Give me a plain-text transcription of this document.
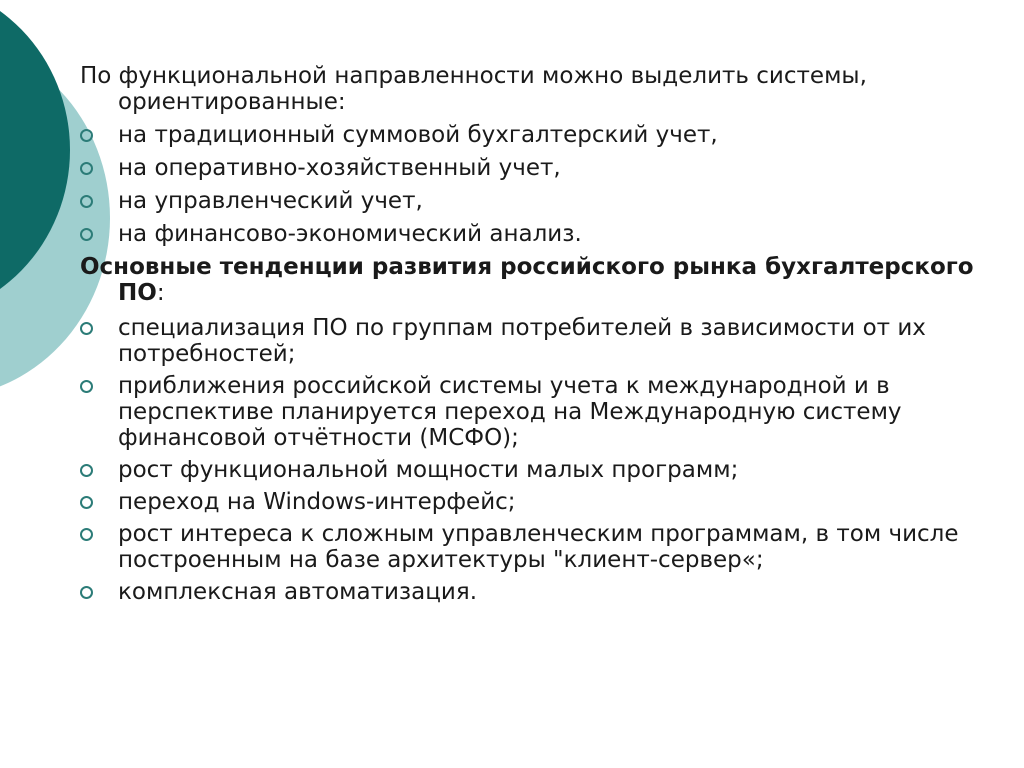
По функциональной направленности можно выделить системы, ориентированные:

на традиционный суммовой бухгалтерский учет,
на оперативно-хозяйственный учет,
на управленческий учет,
на финансово-экономический анализ.

Основные тенденции развития российского рынка бухгалтерского ПО:

специализация ПО по группам потребителей в зависимости от их потребностей;
приближения российской системы учета к международной и в перспективе планируется переход на Международную систему финансовой отчётности (МСФО);
рост функциональной мощности малых программ;
переход на Windows-интерфейс;
рост интереса к сложным управленческим программам, в том числе построенным на базе архитектуры "клиент-сервер«;
комплексная автоматизация.
